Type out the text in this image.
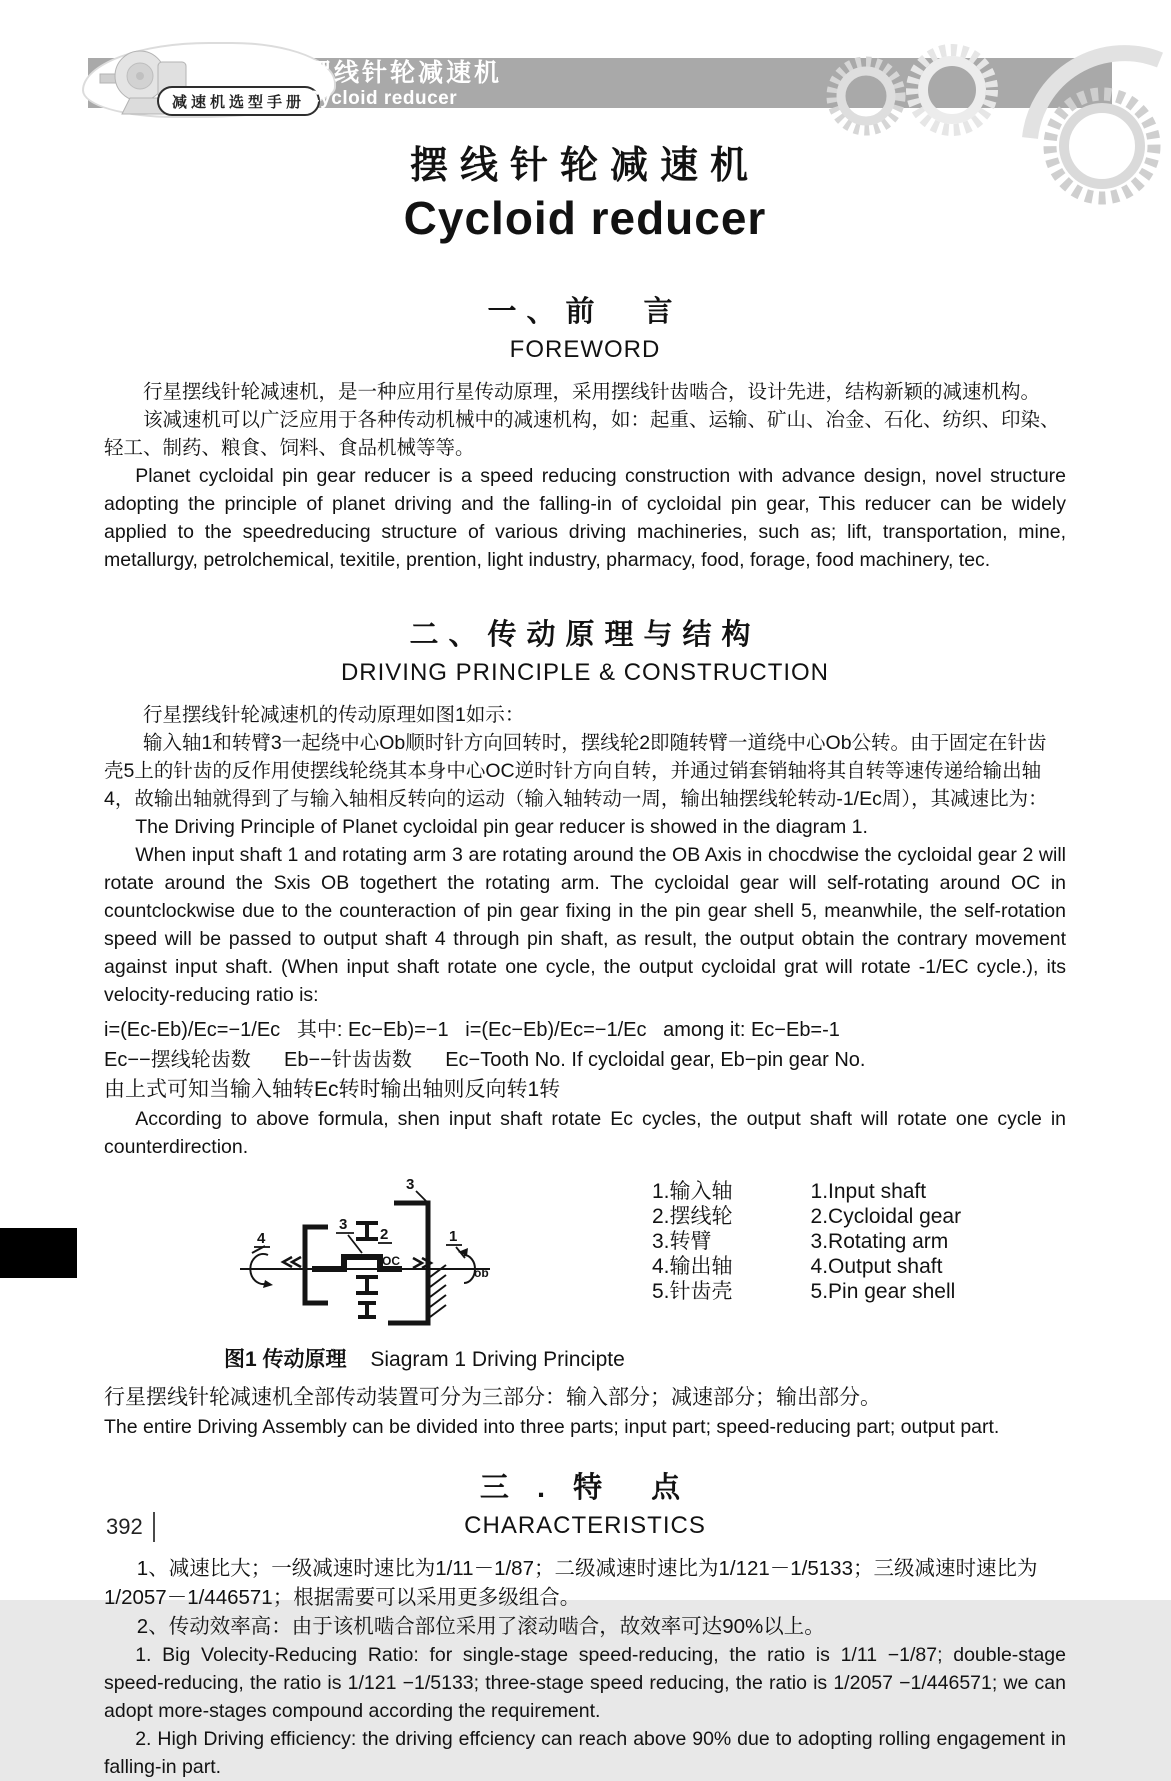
减速机选型手册
摆线针轮减速机
Cycloid reducer
摆线针轮减速机
Cycloid reducer
一、前　言
FOREWORD

行星摆线针轮减速机，是一种应用行星传动原理，采用摆线针齿啮合，设计先进，结构新颖的减速机构。

该减速机可以广泛应用于各种传动机械中的减速机构，如：起重、运输、矿山、冶金、石化、纺织、印染、轻工、制药、粮食、饲料、食品机械等等。

Planet cycloidal pin gear reducer is a speed reducing construction with advance design, novel structure adopting the principle of planet driving and the falling-in of cycloidal pin gear, This reducer can be widely applied to the speedreducing structure of various driving machineries, such as; lift, transportation, mine, metallurgy, petrolchemical, texitile, prention, light industry, pharmacy, food, forage, food machinery, tec.

二、传动原理与结构
DRIVING PRINCIPLE & CONSTRUCTION

行星摆线针轮减速机的传动原理如图1如示：

输入轴1和转臂3一起绕中心Ob顺时针方向回转时，摆线轮2即随转臂一道绕中心Ob公转。由于固定在针齿壳5上的针齿的反作用使摆线轮绕其本身中心OC逆时针方向自转，并通过销套销轴将其自转等速传递给输出轴4，故输出轴就得到了与输入轴相反转向的运动（输入轴转动一周，输出轴摆线轮转动-1/Ec周），其减速比为：

The Driving Principle of Planet cycloidal pin gear reducer is showed in the diagram 1.

When input shaft 1 and rotating arm 3 are rotating around the OB Axis in chocdwise the cycloidal gear 2 will rotate around the Sxis OB togethert the rotating arm. The cycloidal gear will self-rotating around OC in countclockwise due to the counteraction of pin gear fixing in the pin gear shell 5, meanwhile, the self-rotation speed will be passed to output shaft 4 through pin shaft, as result, the output obtain the contrary movement against input shaft. (When input shaft rotate one cycle, the output cycloidal grat will rotate -1/EC cycle.), its velocity-reducing ratio is:

i=(Ec-Eb)/Ec=−1/Ec   其中: Ec−Eb)=−1   i=(Ec−Eb)/Ec=−1/Ec   among it: Ec−Eb=-1

Ec−−摆线轮齿数      Eb−−针齿齿数      Ec−Tooth No. If cycloidal gear, Eb−pin gear No.

由上式可知当输入轴转Ec转时输出轴则反向转1转

According to above formula, shen input shaft rotate Ec cycles, the output shaft will rotate one cycle in counterdirection.

3
3
2
4	1
OC
ob
1.输入轴
2.摆线轮
3.转臂
4.输出轴
5.针齿壳
1.Input shaft
2.Cycloidal gear
3.Rotating arm
4.Output shaft
5.Pin gear shell
图1 传动原理 Siagram 1 Driving Principte

行星摆线针轮减速机全部传动装置可分为三部分：输入部分；减速部分；输出部分。

The entire Driving Assembly can be divided into three parts; input part; speed-reducing part; output part.

三 . 特　点
CHARACTERISTICS

1、减速比大；一级减速时速比为1/11－1/87；二级减速时速比为1/121－1/5133；三级减速时速比为1/2057－1/446571；根据需要可以采用更多级组合。

2、传动效率高：由于该机啮合部位采用了滚动啮合，故效率可达90%以上。

1. Big Volecity-Reducing Ratio: for single-stage speed-reducing, the ratio is 1/11 −1/87; double-stage speed-reducing, the ratio is 1/121 −1/5133; three-stage speed reducing, the ratio is 1/2057 −1/446571; we can adopt more-stages compound according the requirement.

2. High Driving efficiency: the driving effciency can reach above 90% due to adopting rolling engagement in falling-in part.

392
